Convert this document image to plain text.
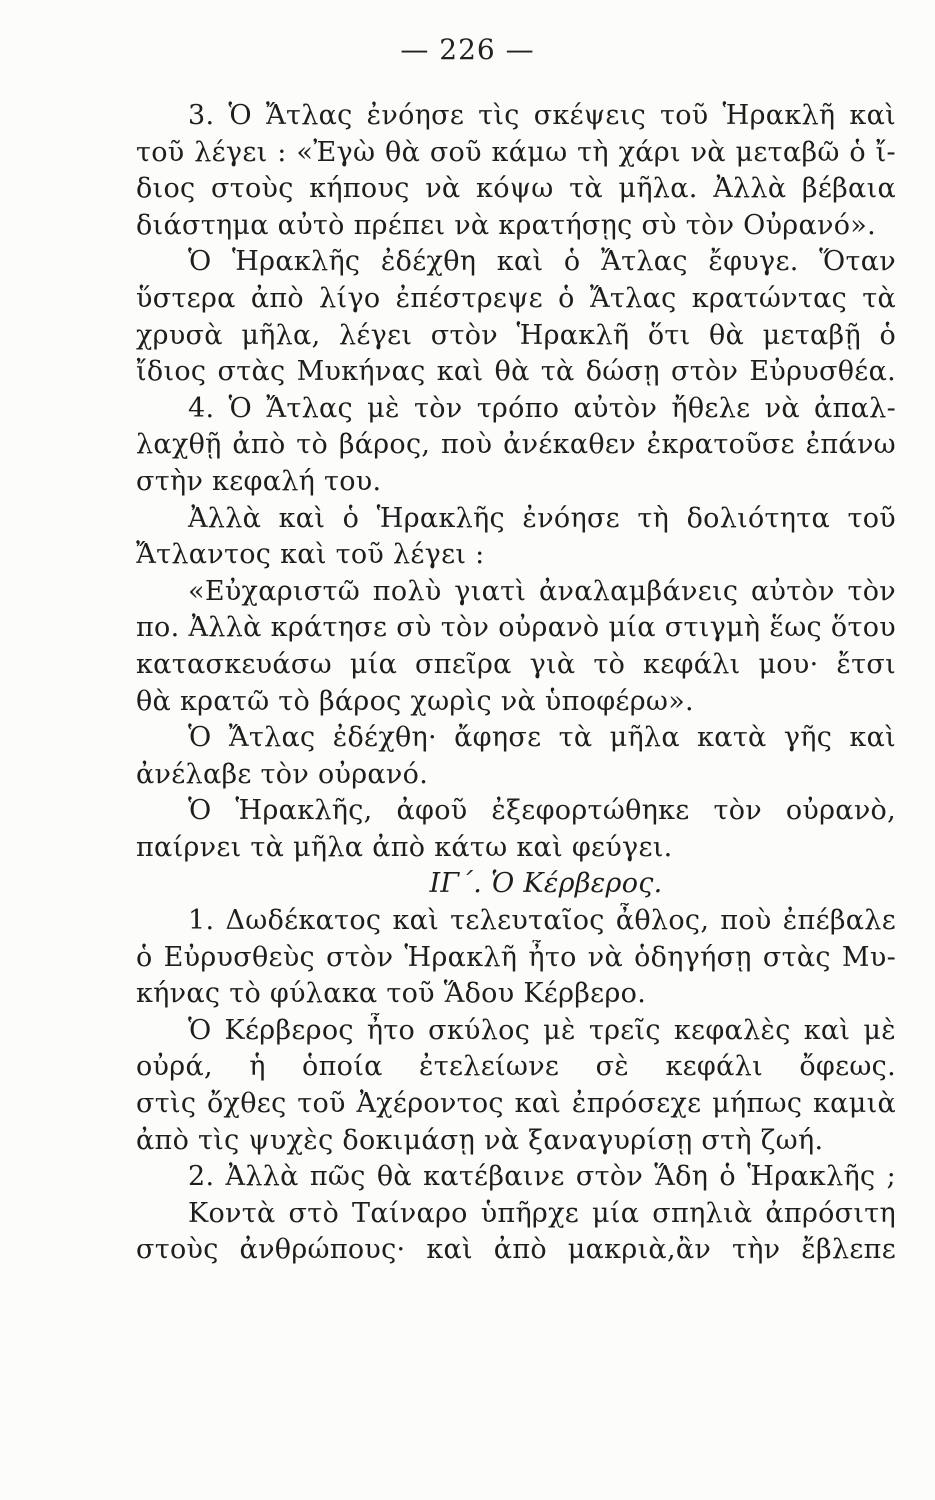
— 226 —
3. Ὁ Ἄτλας ἐνόησε τὶς σκέψεις τοῦ Ἡρακλῆ καὶ
τοῦ λέγει : «Ἐγὼ θὰ σοῦ κάμω τὴ χάρι νὰ μεταβῶ ὁ ἴ-
διος στοὺς κήπους νὰ κόψω τὰ μῆλα. Ἀλλὰ βέβαια
διάστημα αὐτὸ πρέπει νὰ κρατήσῃς σὺ τὸν Οὐρανό».
Ὁ Ἡρακλῆς ἐδέχθη καὶ ὁ Ἄτλας ἔφυγε. Ὅταν
ὕστερα ἀπὸ λίγο ἐπέστρεψε ὁ Ἄτλας κρατώντας τὰ
χρυσὰ μῆλα, λέγει στὸν Ἡρακλῆ ὅτι θὰ μεταβῇ ὁ
ἴδιος στὰς Μυκήνας καὶ θὰ τὰ δώσῃ στὸν Εὐρυσθέα.
4. Ὁ Ἄτλας μὲ τὸν τρόπο αὐτὸν ἤθελε νὰ ἀπαλ-
λαχθῇ ἀπὸ τὸ βάρος, ποὺ ἀνέκαθεν ἐκρατοῦσε ἐπάνω
στὴν κεφαλή του.
Ἀλλὰ καὶ ὁ Ἡρακλῆς ἐνόησε τὴ δολιότητα τοῦ
Ἄτλαντος καὶ τοῦ λέγει :
«Εὐχαριστῶ πολὺ γιατὶ ἀναλαμβάνεις αὐτὸν τὸν
πο. Ἀλλὰ κράτησε σὺ τὸν οὐρανὸ μία στιγμὴ ἕως ὅτου
κατασκευάσω μία σπεῖρα γιὰ τὸ κεφάλι μου· ἔτσι
θὰ κρατῶ τὸ βάρος χωρὶς νὰ ὑποφέρω».
Ὁ Ἄτλας ἐδέχθη· ἄφησε τὰ μῆλα κατὰ γῆς καὶ
ἀνέλαβε τὸν οὐρανό.
Ὁ Ἡρακλῆς, ἀφοῦ ἐξεφορτώθηκε τὸν οὐρανὸ,
παίρνει τὰ μῆλα ἀπὸ κάτω καὶ φεύγει.
ΙΓ΄. Ὁ Κέρβερος.
1. Δωδέκατος καὶ τελευταῖος ἆθλος, ποὺ ἐπέβαλε
ὁ Εὐρυσθεὺς στὸν Ἡρακλῆ ἦτο νὰ ὁδηγήσῃ στὰς Μυ-
κήνας τὸ φύλακα τοῦ Ἅδου Κέρβερο.
Ὁ Κέρβερος ἦτο σκύλος μὲ τρεῖς κεφαλὲς καὶ μὲ
οὐρά, ἡ ὁποία ἐτελείωνε σὲ κεφάλι ὄφεως.
στὶς ὄχθες τοῦ Ἀχέροντος καὶ ἐπρόσεχε μήπως καμιὰ
ἀπὸ τὶς ψυχὲς δοκιμάσῃ νὰ ξαναγυρίσῃ στὴ ζωή.
2. Ἀλλὰ πῶς θὰ κατέβαινε στὸν Ἅδη ὁ Ἡρακλῆς ;
Κοντὰ στὸ Ταίναρο ὑπῆρχε μία σπηλιὰ ἀπρόσιτη
στοὺς ἀνθρώπους· καὶ ἀπὸ μακριὰ,ἂν τὴν ἔβλεπε
